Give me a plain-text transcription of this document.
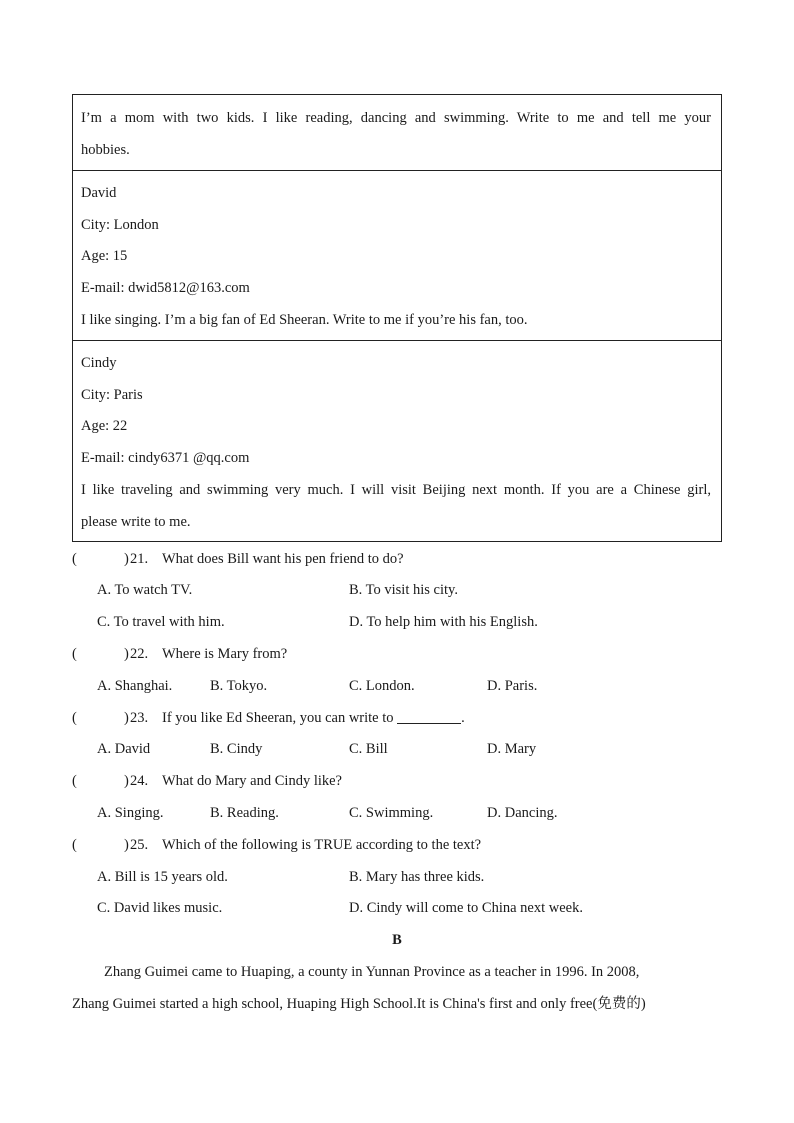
I’m a mom with two kids. I like reading, dancing and swimming. Write to me and tell me your
hobbies.
David
City: London
Age: 15
E-mail: dwid5812@163.com
I like singing. I’m a big fan of Ed Sheeran. Write to me if you’re his fan, too.
Cindy
City: Paris
Age: 22
E-mail: cindy6371 @qq.com
I like traveling and swimming very much. I will visit Beijing next month. If you are a Chinese girl,
please write to me.
(	) 21. What does Bill want his pen friend to do?
A. To watch TV.	B. To visit his city.
C. To travel with him.	D. To help him with his English.
(	) 22. Where is Mary from?
A. Shanghai.	B. Tokyo.	C. London.	D. Paris.
(	) 23. If you like Ed Sheeran, you can write to	.
A. David	B. Cindy	C. Bill	D. Mary
(	) 24. What do Mary and Cindy like?
A. Singing.	B. Reading.	C. Swimming.	D. Dancing.
(	) 25. Which of the following is TRUE according to the text?
A. Bill is 15 years old.	B. Mary has three kids.
C. David likes music.	D. Cindy will come to China next week.
B
Zhang Guimei came to Huaping, a county in Yunnan Province as a teacher in 1996. In 2008,
Zhang Guimei started a high school, Huaping High School.It is China's first and only free(免费的)
